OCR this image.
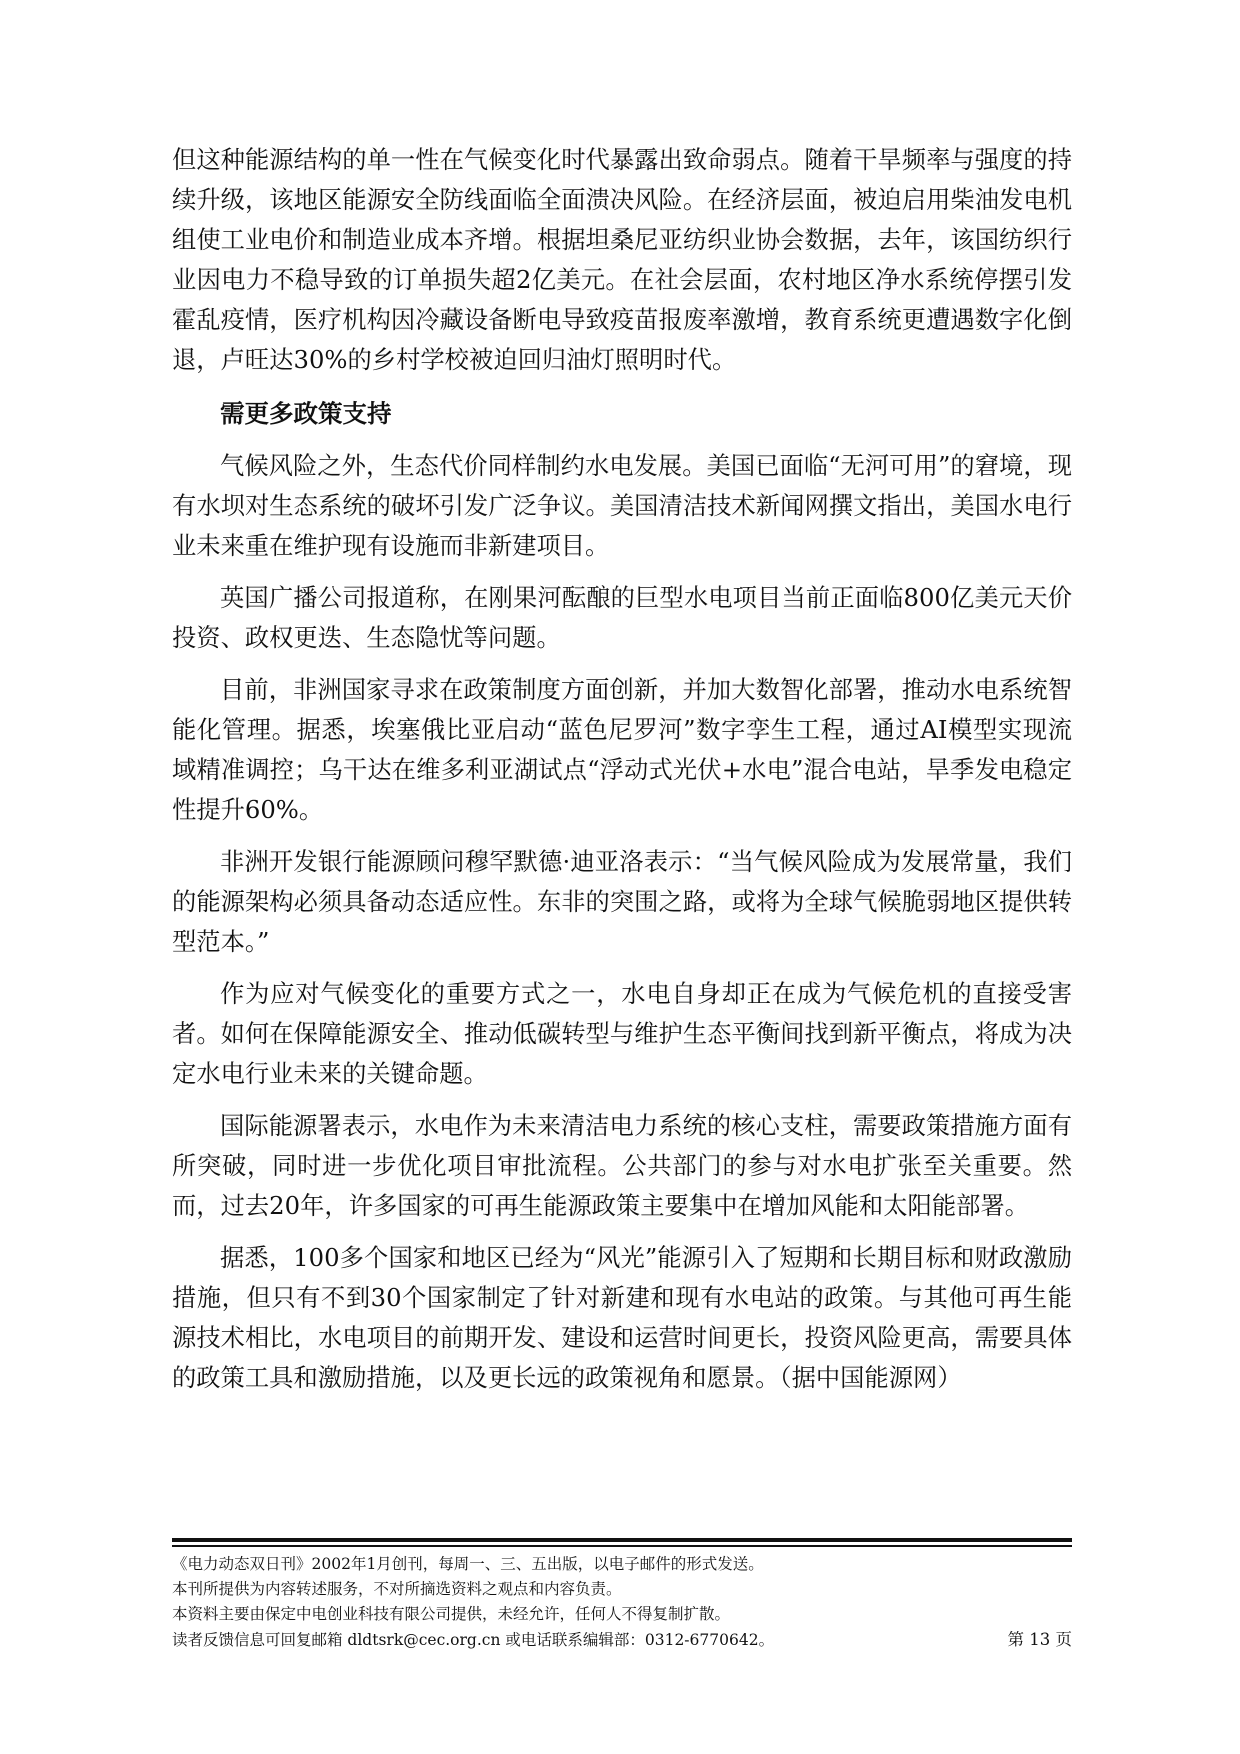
但这种能源结构的单一性在气候变化时代暴露出致命弱点。随着干旱频率与强度的持续升级，该地区能源安全防线面临全面溃决风险。在经济层面，被迫启用柴油发电机组使工业电价和制造业成本齐增。根据坦桑尼亚纺织业协会数据，去年，该国纺织行业因电力不稳导致的订单损失超2亿美元。在社会层面，农村地区净水系统停摆引发霍乱疫情，医疗机构因冷藏设备断电导致疫苗报废率激增，教育系统更遭遇数字化倒退，卢旺达30%的乡村学校被迫回归油灯照明时代。

需更多政策支持

气候风险之外，生态代价同样制约水电发展。美国已面临“无河可用”的窘境，现有水坝对生态系统的破坏引发广泛争议。美国清洁技术新闻网撰文指出，美国水电行业未来重在维护现有设施而非新建项目。

英国广播公司报道称，在刚果河酝酿的巨型水电项目当前正面临800亿美元天价投资、政权更迭、生态隐忧等问题。

目前，非洲国家寻求在政策制度方面创新，并加大数智化部署，推动水电系统智能化管理。据悉，埃塞俄比亚启动“蓝色尼罗河”数字孪生工程，通过AI模型实现流域精准调控；乌干达在维多利亚湖试点“浮动式光伏+水电”混合电站，旱季发电稳定性提升60%。

非洲开发银行能源顾问穆罕默德·迪亚洛表示：“当气候风险成为发展常量，我们的能源架构必须具备动态适应性。东非的突围之路，或将为全球气候脆弱地区提供转型范本。”

作为应对气候变化的重要方式之一，水电自身却正在成为气候危机的直接受害者。如何在保障能源安全、推动低碳转型与维护生态平衡间找到新平衡点，将成为决定水电行业未来的关键命题。

国际能源署表示，水电作为未来清洁电力系统的核心支柱，需要政策措施方面有所突破，同时进一步优化项目审批流程。公共部门的参与对水电扩张至关重要。然而，过去20年，许多国家的可再生能源政策主要集中在增加风能和太阳能部署。

据悉，100多个国家和地区已经为“风光”能源引入了短期和长期目标和财政激励措施，但只有不到30个国家制定了针对新建和现有水电站的政策。与其他可再生能源技术相比，水电项目的前期开发、建设和运营时间更长，投资风险更高，需要具体的政策工具和激励措施，以及更长远的政策视角和愿景。（据中国能源网）

《电力动态双日刊》2002年1月创刊，每周一、三、五出版，以电子邮件的形式发送。
本刊所提供为内容转述服务，不对所摘选资料之观点和内容负责。
本资料主要由保定中电创业科技有限公司提供，未经允许，任何人不得复制扩散。
读者反馈信息可回复邮箱 dldtsrk@cec.org.cn 或电话联系编辑部：0312-6770642。	第 13 页
